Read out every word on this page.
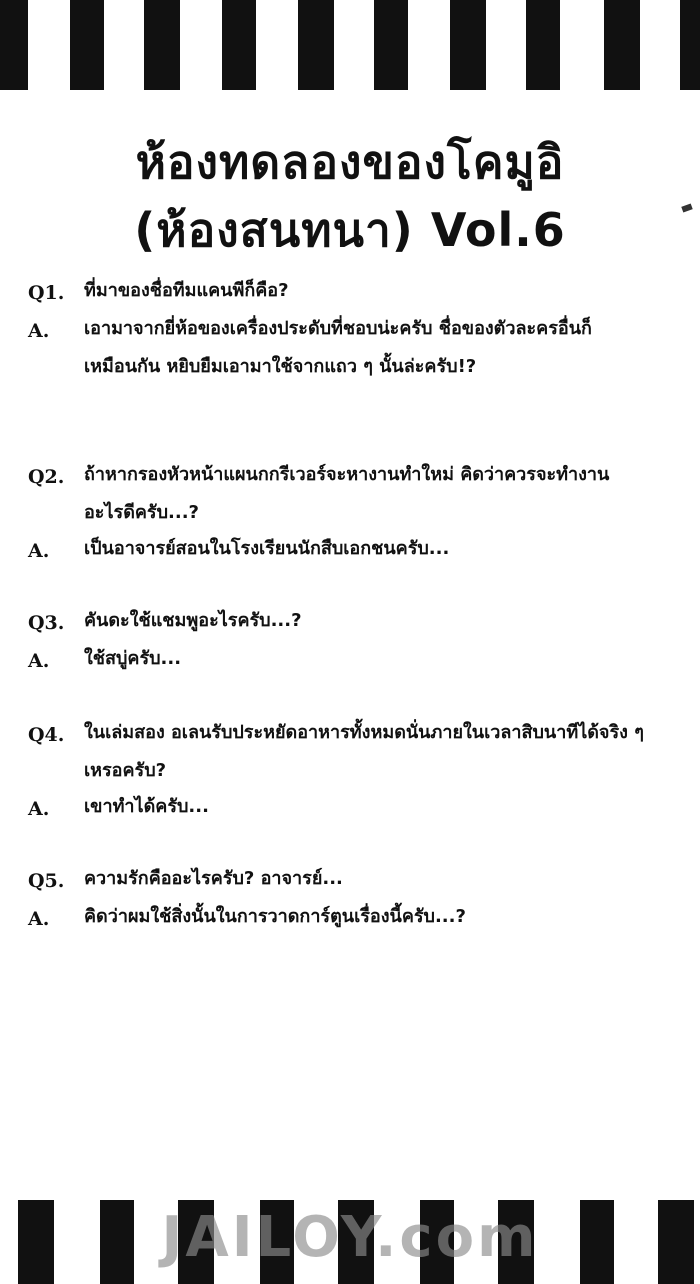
ห้องทดลองของโคมูอิ
(ห้องสนทนา) Vol.6
Q1. ที่มาของชื่อทีมแคนพีก็คือ?
A. เอามาจากยี่ห้อของเครื่องประดับที่ชอบน่ะครับ ชื่อของตัวละครอื่นก็เหมือนกัน หยิบยืมเอามาใช้จากแถว ๆ นั้นล่ะครับ!?
Q2. ถ้าหากรองหัวหน้าแผนกกรีเวอร์จะหางานทำใหม่ คิดว่าควรจะทำงานอะไรดีครับ...?
A. เป็นอาจารย์สอนในโรงเรียนนักสืบเอกชนครับ...
Q3. คันดะใช้แชมพูอะไรครับ...?
A. ใช้สบู่ครับ...
Q4. ในเล่มสอง อเลนรับประหยัดอาหารทั้งหมดนั่นภายในเวลาสิบนาทีได้จริง ๆ เหรอครับ?
A. เขาทำได้ครับ...
Q5. ความรักคืออะไรครับ? อาจารย์...
A. คิดว่าผมใช้สิ่งนั้นในการวาดการ์ตูนเรื่องนี้ครับ...?
JAILOY.com
